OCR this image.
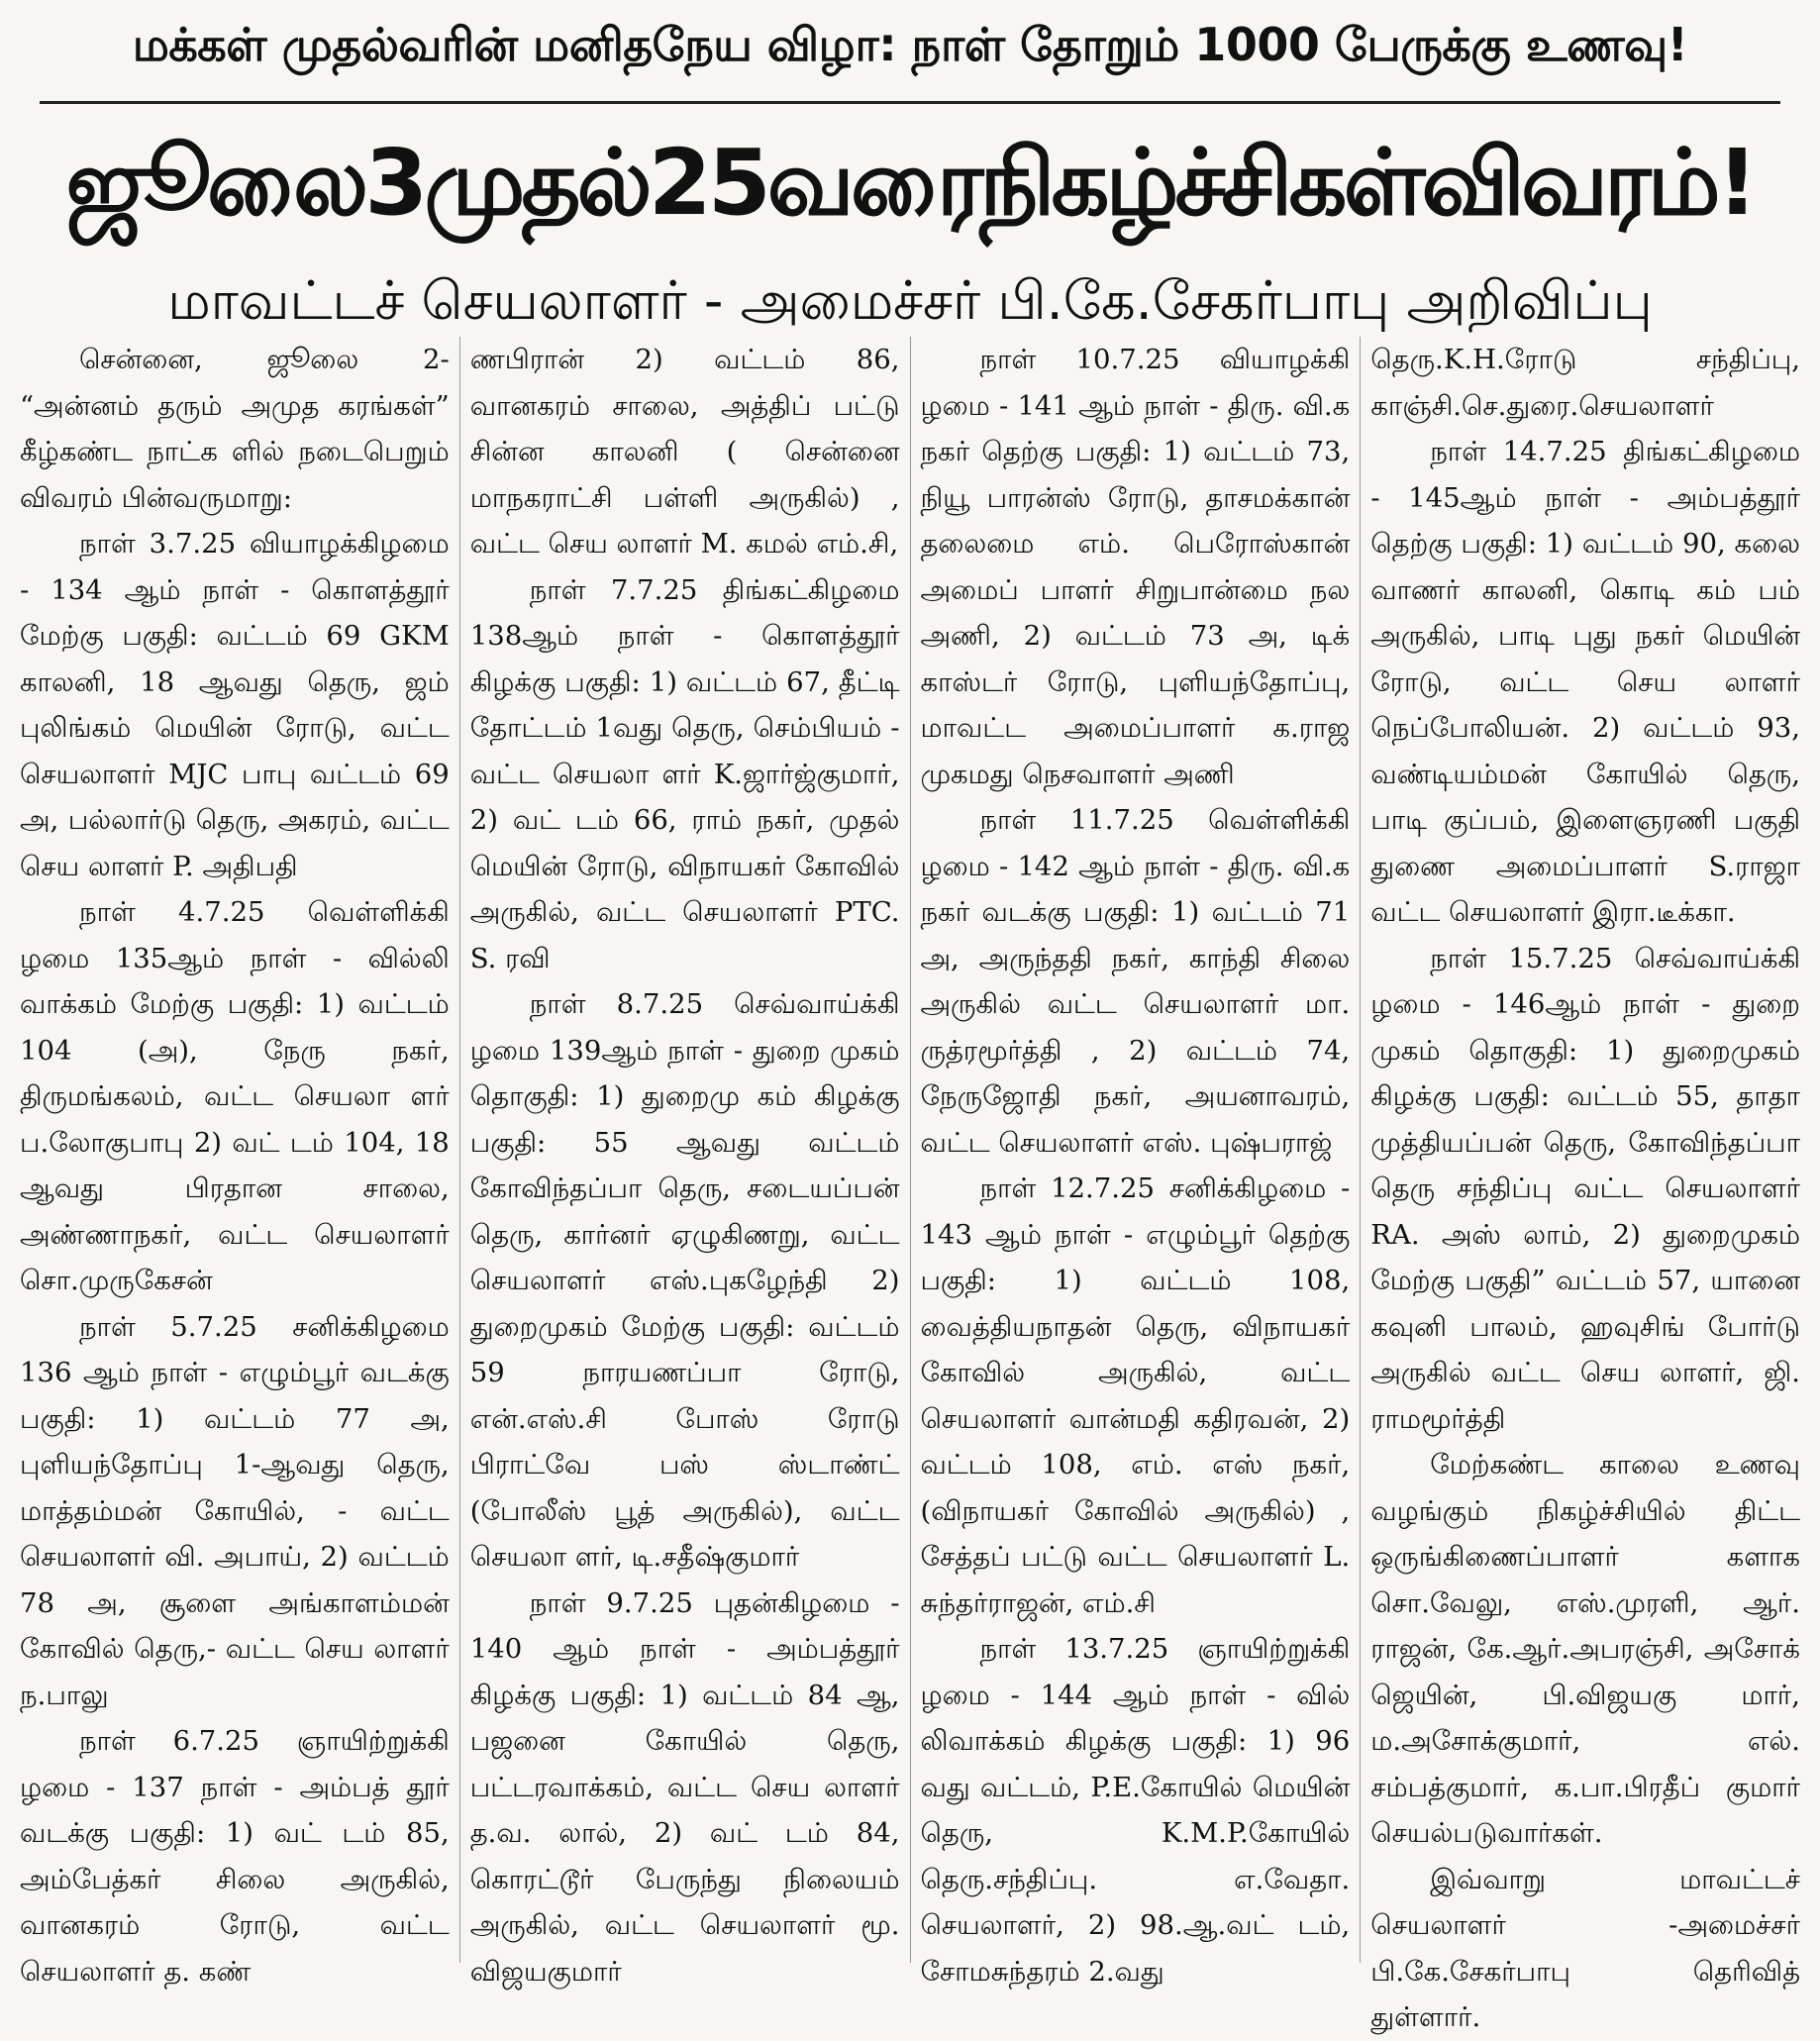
மக்கள் முதல்வரின் மனிதநேய விழா: நாள் தோறும் 1000 பேருக்கு உணவு!
ஜூலை3முதல்25வரைநிகழ்ச்சிகள்விவரம்!
மாவட்டச் செயலாளர் - அமைச்சர் பி.கே.சேகர்பாபு அறிவிப்பு

சென்னை, ஜூலை 2- “அன்னம் தரும் அமுத கரங்கள்” கீழ்கண்ட நாட்க ளில் நடைபெறும் விவரம் பின்வருமாறு:

நாள் 3.7.25 வியாழக்கிழமை - 134 ஆம் நாள் - கொளத்தூர் மேற்கு பகுதி: வட்டம் 69 GKM காலனி, 18 ஆவது தெரு, ஜம் புலிங்கம் மெயின் ரோடு, வட்ட செயலாளர் MJC பாபு வட்டம் 69 அ, பல்லார்டு தெரு, அகரம், வட்ட செய லாளர் P. அதிபதி

நாள் 4.7.25 வெள்ளிக்கி ழமை 135ஆம் நாள் - வில்லி வாக்கம் மேற்கு பகுதி: 1) வட்டம் 104 (அ), நேரு நகர், திருமங்கலம், வட்ட செயலா ளர் ப.லோகுபாபு 2) வட் டம் 104, 18 ஆவது பிரதான சாலை, அண்ணாநகர், வட்ட செயலாளர் சொ.முருகேசன்

நாள் 5.7.25 சனிக்கிழமை 136 ஆம் நாள் - எழும்பூர் வடக்கு பகுதி: 1) வட்டம் 77 அ, புளியந்தோப்பு 1-ஆவது தெரு, மாத்தம்மன் கோயில், - வட்ட செயலாளர் வி. அபாய், 2) வட்டம் 78 அ, சூளை அங்காளம்மன் கோவில் தெரு,- வட்ட செய லாளர் ந.பாலு

நாள் 6.7.25 ஞாயிற்றுக்கி ழமை - 137 நாள் - அம்பத் தூர் வடக்கு பகுதி: 1) வட் டம் 85, அம்பேத்கர் சிலை அருகில், வானகரம் ரோடு, வட்ட செயலாளர் த. கண்

ணபிரான் 2) வட்டம் 86, வானகரம் சாலை, அத்திப் பட்டு சின்ன காலனி ( சென்னை மாநகராட்சி பள்ளி அருகில்) , வட்ட செய லாளர் M. கமல் எம்.சி,

நாள் 7.7.25 திங்கட்கிழமை 138ஆம் நாள் - கொளத்தூர் கிழக்கு பகுதி: 1) வட்டம் 67, தீட்டி தோட்டம் 1வது தெரு, செம்பியம் - வட்ட செயலா ளர் K.ஜார்ஜ்குமார், 2) வட் டம் 66, ராம் நகர், முதல் மெயின் ரோடு, விநாயகர் கோவில் அருகில், வட்ட செயலாளர் PTC. S. ரவி

நாள் 8.7.25 செவ்வாய்க்கி ழமை 139ஆம் நாள் - துறை முகம் தொகுதி: 1) துறைமு கம் கிழக்கு பகுதி: 55 ஆவது வட்டம் கோவிந்தப்பா தெரு, சடையப்பன் தெரு, கார்னர் ஏழுகிணறு, வட்ட செயலாளர் எஸ்.புகழேந்தி 2) துறைமுகம் மேற்கு பகுதி: வட்டம் 59 நாரயணப்பா ரோடு, என்.எஸ்.சி போஸ் ரோடு பிராட்வே பஸ் ஸ்டாண்ட் (போலீஸ் பூத் அருகில்), வட்ட செயலா ளர், டி.சதீஷ்குமார்

நாள் 9.7.25 புதன்கிழமை - 140 ஆம் நாள் - அம்பத்தூர் கிழக்கு பகுதி: 1) வட்டம் 84 ஆ, பஜனை கோயில் தெரு, பட்டரவாக்கம், வட்ட செய லாளர் த.வ. லால், 2) வட் டம் 84, கொரட்டூர் பேருந்து நிலையம் அருகில், வட்ட செயலாளர் மூ. விஜயகுமார்

நாள் 10.7.25 வியாழக்கி ழமை - 141 ஆம் நாள் - திரு. வி.க நகர் தெற்கு பகுதி: 1) வட்டம் 73, நியூ பாரன்ஸ் ரோடு, தாசமக்கான் தலைமை எம். பெரோஸ்கான் அமைப் பாளர் சிறுபான்மை நல அணி, 2) வட்டம் 73 அ, டிக் காஸ்டர் ரோடு, புளியந்தோப்பு, மாவட்ட அமைப்பாளர் க.ராஜ முகமது நெசவாளர் அணி

நாள் 11.7.25 வெள்ளிக்கி ழமை - 142 ஆம் நாள் - திரு. வி.க நகர் வடக்கு பகுதி: 1) வட்டம் 71 அ, அருந்ததி நகர், காந்தி சிலை அருகில் வட்ட செயலாளர் மா. ருத்ரமூர்த்தி , 2) வட்டம் 74, நேருஜோதி நகர், அயனாவரம், வட்ட செயலாளர் எஸ். புஷ்பராஜ்

நாள் 12.7.25 சனிக்கிழமை - 143 ஆம் நாள் - எழும்பூர் தெற்கு பகுதி: 1) வட்டம் 108, வைத்தியநாதன் தெரு, விநாயகர் கோவில் அருகில், வட்ட செயலாளர் வான்மதி கதிரவன், 2) வட்டம் 108, எம். எஸ் நகர், (விநாயகர் கோவில் அருகில்) , சேத்தப் பட்டு வட்ட செயலாளர் L. சுந்தர்ராஜன், எம்.சி

நாள் 13.7.25 ஞாயிற்றுக்கி ழமை - 144 ஆம் நாள் - வில் லிவாக்கம் கிழக்கு பகுதி: 1) 96 வது வட்டம், P.E.கோயில் மெயின் தெரு, K.M.P.கோயில் தெரு.சந்திப்பு. எ.வேதா. செயலாளர், 2) 98.ஆ.வட் டம், சோமசுந்தரம் 2.வது

தெரு.K.H.ரோடு சந்திப்பு, காஞ்சி.செ.துரை.செயலாளர்

நாள் 14.7.25 திங்கட்கிழமை - 145ஆம் நாள் - அம்பத்தூர் தெற்கு பகுதி: 1) வட்டம் 90, கலை வாணர் காலனி, கொடி கம் பம் அருகில், பாடி புது நகர் மெயின் ரோடு, வட்ட செய லாளர் நெப்போலியன். 2) வட்டம் 93, வண்டியம்மன் கோயில் தெரு, பாடி குப்பம், இளைஞரணி பகுதி துணை அமைப்பாளர் S.ராஜா வட்ட செயலாளர் இரா.டீக்கா.

நாள் 15.7.25 செவ்வாய்க்கி ழமை - 146ஆம் நாள் - துறை முகம் தொகுதி: 1) துறைமுகம் கிழக்கு பகுதி: வட்டம் 55, தாதா முத்தியப்பன் தெரு, கோவிந்தப்பா தெரு சந்திப்பு வட்ட செயலாளர் RA. அஸ் லாம், 2) துறைமுகம் மேற்கு பகுதி” வட்டம் 57, யானை கவுனி பாலம், ஹவுசிங் போர்டு அருகில் வட்ட செய லாளர், ஜி. ராமமூர்த்தி

மேற்கண்ட காலை உணவு வழங்கும் நிகழ்ச்சியில் திட்ட ஒருங்கிணைப்பாளர் களாக சொ.வேலு, எஸ்.முரளி, ஆர். ராஜன், கே.ஆர்.அபரஞ்சி, அசோக் ஜெயின், பி.விஜயகு மார், ம.அசோக்குமார், எல். சம்பத்குமார், க.பா.பிரதீப் குமார் செயல்படுவார்கள்.

இவ்வாறு மாவட்டச் செயலாளர் -அமைச்சர் பி.கே.சேகர்பாபு தெரிவித் துள்ளார்.
